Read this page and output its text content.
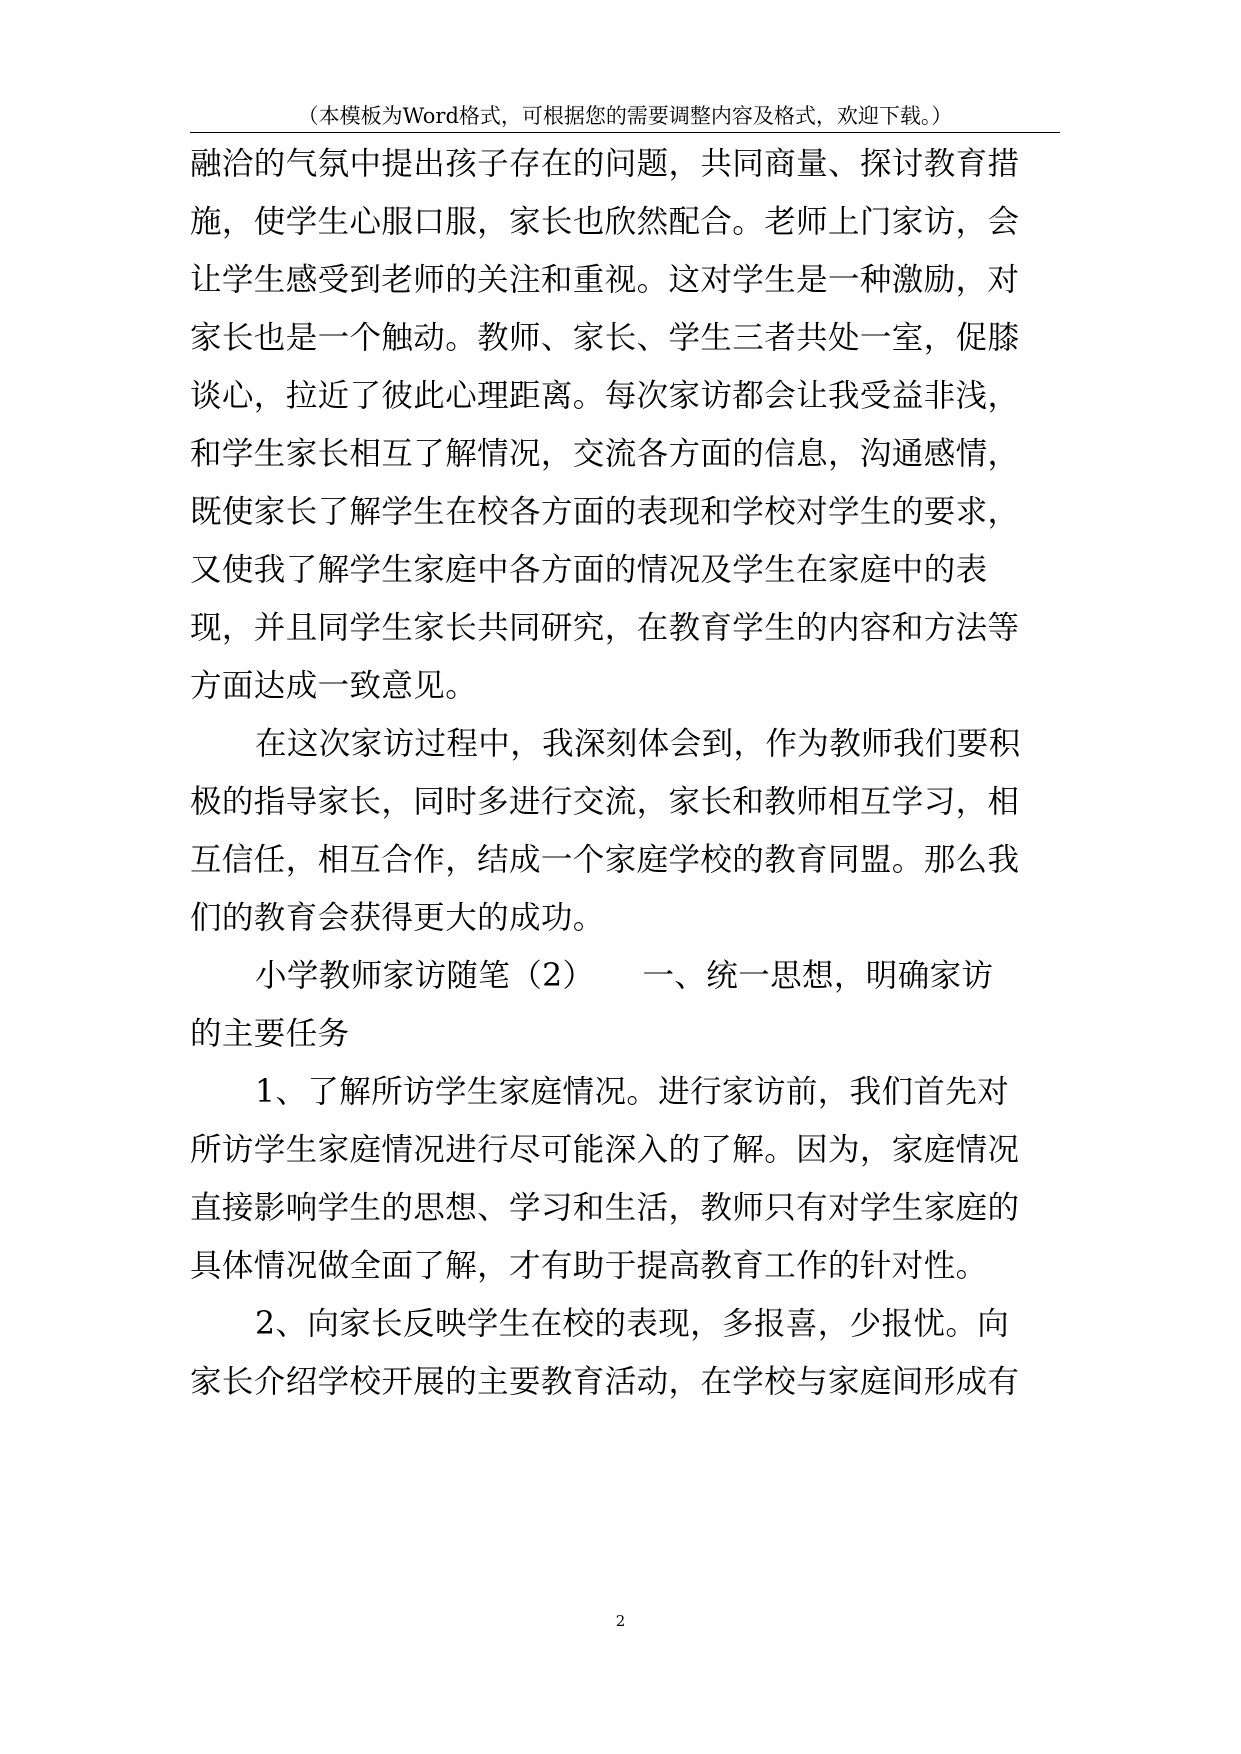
（本模板为Word格式，可根据您的需要调整内容及格式，欢迎下载。）
融洽的气氛中提出孩子存在的问题，共同商量、探讨教育措
施，使学生心服口服，家长也欣然配合。老师上门家访，会
让学生感受到老师的关注和重视。这对学生是一种激励，对
家长也是一个触动。教师、家长、学生三者共处一室，促膝
谈心，拉近了彼此心理距离。每次家访都会让我受益非浅，
和学生家长相互了解情况，交流各方面的信息，沟通感情，
既使家长了解学生在校各方面的表现和学校对学生的要求，
又使我了解学生家庭中各方面的情况及学生在家庭中的表
现，并且同学生家长共同研究，在教育学生的内容和方法等
方面达成一致意见。
在这次家访过程中，我深刻体会到，作为教师我们要积
极的指导家长，同时多进行交流，家长和教师相互学习，相
互信任，相互合作，结成一个家庭学校的教育同盟。那么我
们的教育会获得更大的成功。
小学教师家访随笔（2）　　一、统一思想，明确家访
的主要任务
1、了解所访学生家庭情况。进行家访前，我们首先对
所访学生家庭情况进行尽可能深入的了解。因为，家庭情况
直接影响学生的思想、学习和生活，教师只有对学生家庭的
具体情况做全面了解，才有助于提高教育工作的针对性。
2、向家长反映学生在校的表现，多报喜，少报忧。向
家长介绍学校开展的主要教育活动，在学校与家庭间形成有
2
